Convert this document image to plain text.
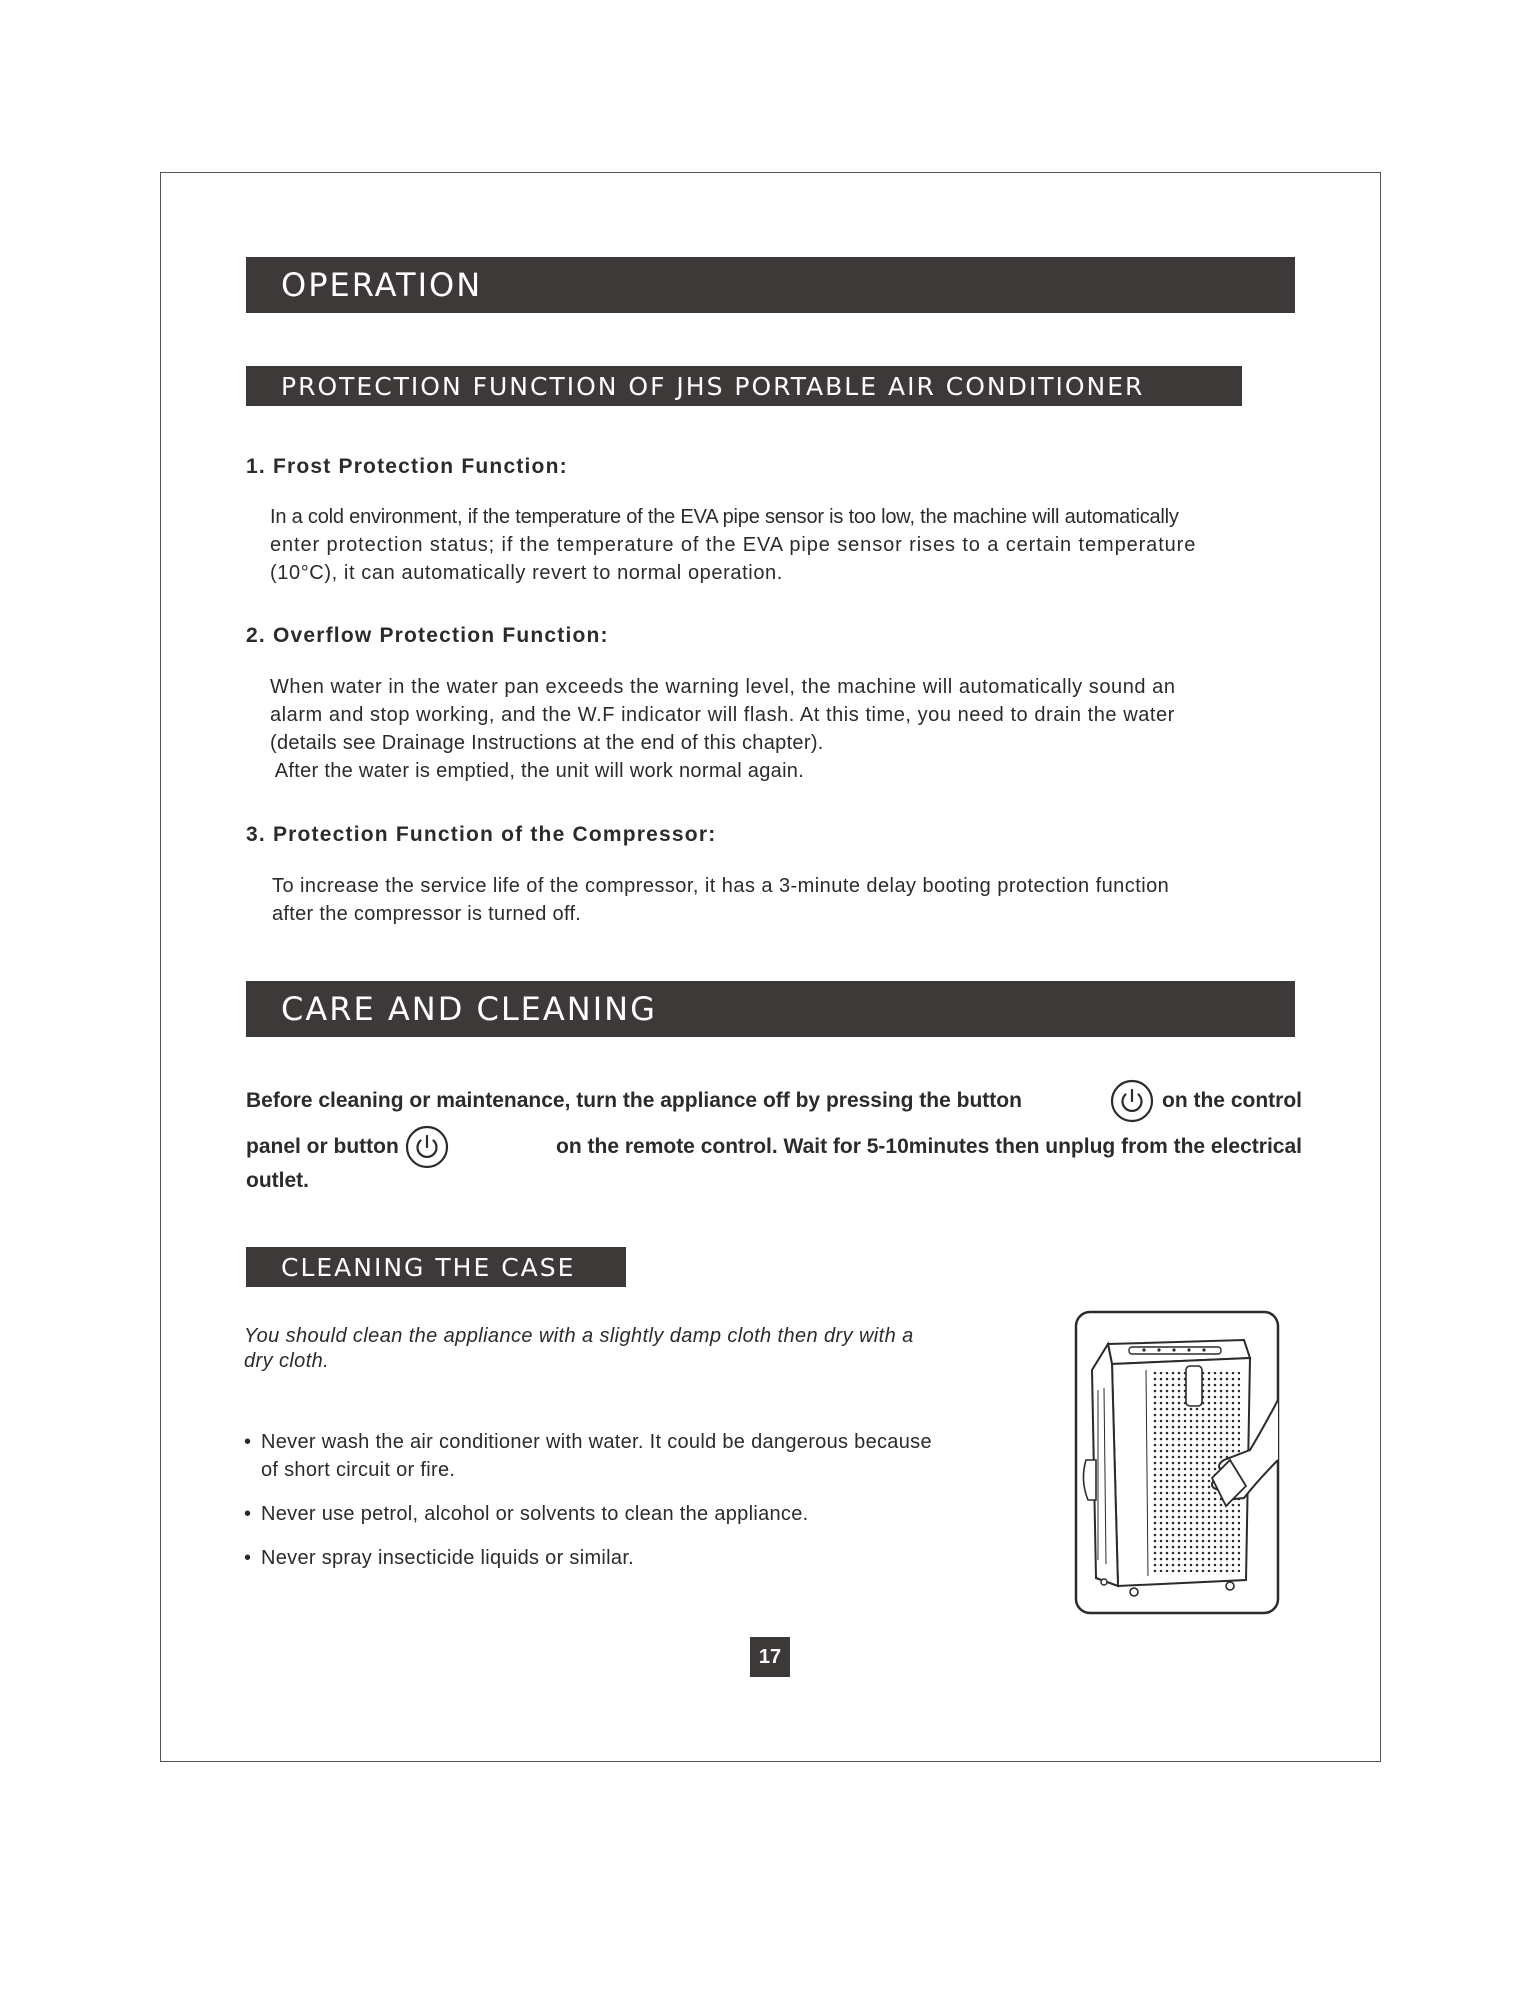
OPERATION
PROTECTION FUNCTION OF JHS PORTABLE AIR CONDITIONER
1. Frost Protection Function:

In a cold environment, if the temperature of the EVA pipe sensor is too low, the machine will automatically
enter protection status; if the temperature of the EVA pipe sensor rises to a certain temperature
(10°C), it can automatically revert to normal operation.

2. Overflow Protection Function:

When water in the water pan exceeds the warning level, the machine will automatically sound an
alarm and stop working, and the W.F indicator will flash. At this time, you need to drain the water
(details see Drainage Instructions at the end of this chapter).
After the water is emptied, the unit will work normal again.

3. Protection Function of the Compressor:

To increase the service life of the compressor, it has a 3-minute delay booting protection function
after the compressor is turned off.

CARE AND CLEANING
Before cleaning or maintenance, turn the appliance off by pressing the button	on the control
panel or button	on the remote control. Wait for 5-10minutes then unplug from the electrical
outlet.
CLEANING THE CASE

You should clean the appliance with a slightly damp cloth then dry with a
dry cloth.

• Never wash the air conditioner with water. It could be dangerous because
of short circuit or fire.
• Never use petrol, alcohol or solvents to clean the appliance.
• Never spray insecticide liquids or similar.
17
